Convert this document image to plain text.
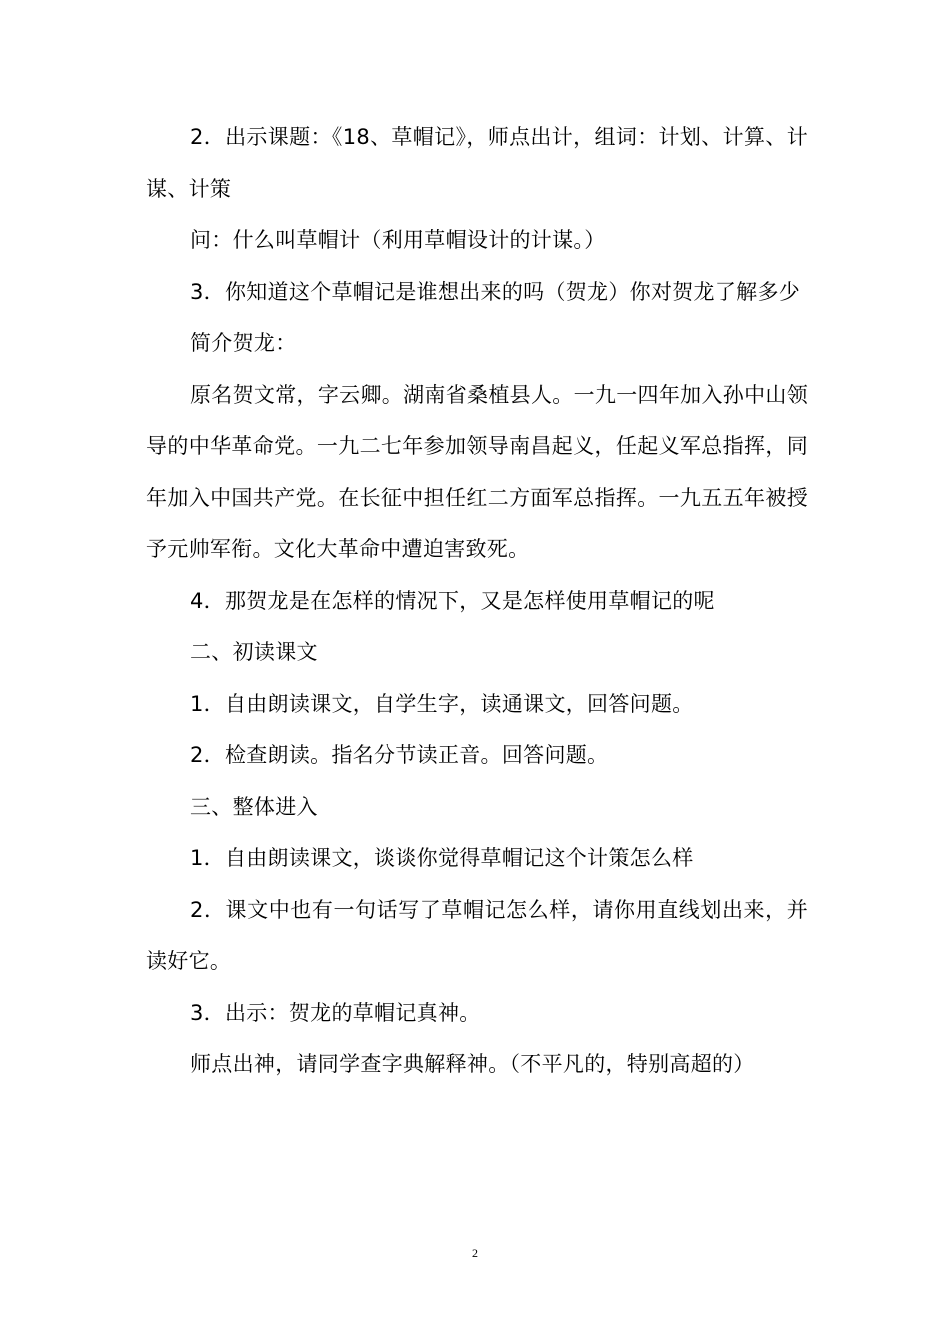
2．出示课题：《18、草帽记》，师点出计，组词：计划、计算、计谋、计策

问：什么叫草帽计（利用草帽设计的计谋。）

3．你知道这个草帽记是谁想出来的吗（贺龙）你对贺龙了解多少

简介贺龙：

原名贺文常，字云卿。湖南省桑植县人。一九一四年加入孙中山领导的中华革命党。一九二七年参加领导南昌起义，任起义军总指挥，同年加入中国共产党。在长征中担任红二方面军总指挥。一九五五年被授予元帅军衔。文化大革命中遭迫害致死。

4．那贺龙是在怎样的情况下，又是怎样使用草帽记的呢

二、初读课文

1．自由朗读课文，自学生字，读通课文，回答问题。

2．检查朗读。指名分节读正音。回答问题。

三、整体进入

1．自由朗读课文，谈谈你觉得草帽记这个计策怎么样

2．课文中也有一句话写了草帽记怎么样，请你用直线划出来，并读好它。

3．出示：贺龙的草帽记真神。

师点出神，请同学查字典解释神。（不平凡的，特别高超的）

2
